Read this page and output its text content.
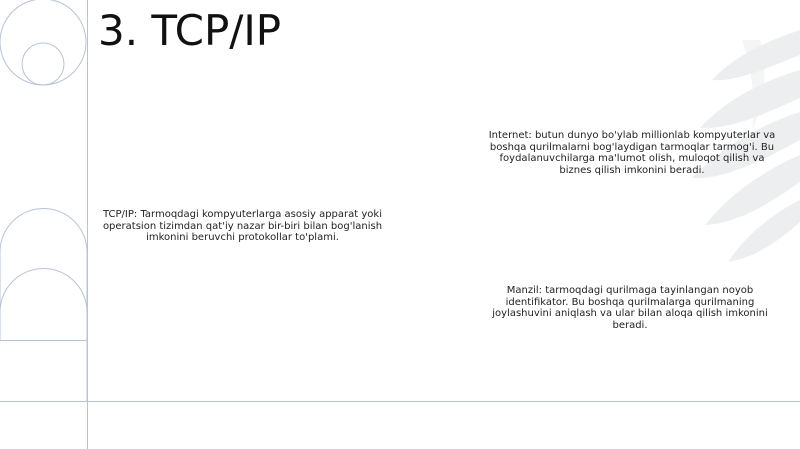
3. TCP/IP

Internet: butun dunyo bo'ylab millionlab kompyuterlar va boshqa qurilmalarni bog'laydigan tarmoqlar tarmog'i. Bu foydalanuvchilarga ma'lumot olish, muloqot qilish va biznes qilish imkonini beradi.

TCP/IP: Tarmoqdagi kompyuterlarga asosiy apparat yoki operatsion tizimdan qat'iy nazar bir-biri bilan bog'lanish imkonini beruvchi protokollar to'plami.

Manzil: tarmoqdagi qurilmaga tayinlangan noyob identifikator. Bu boshqa qurilmalarga qurilmaning joylashuvini aniqlash va ular bilan aloqa qilish imkonini beradi.
